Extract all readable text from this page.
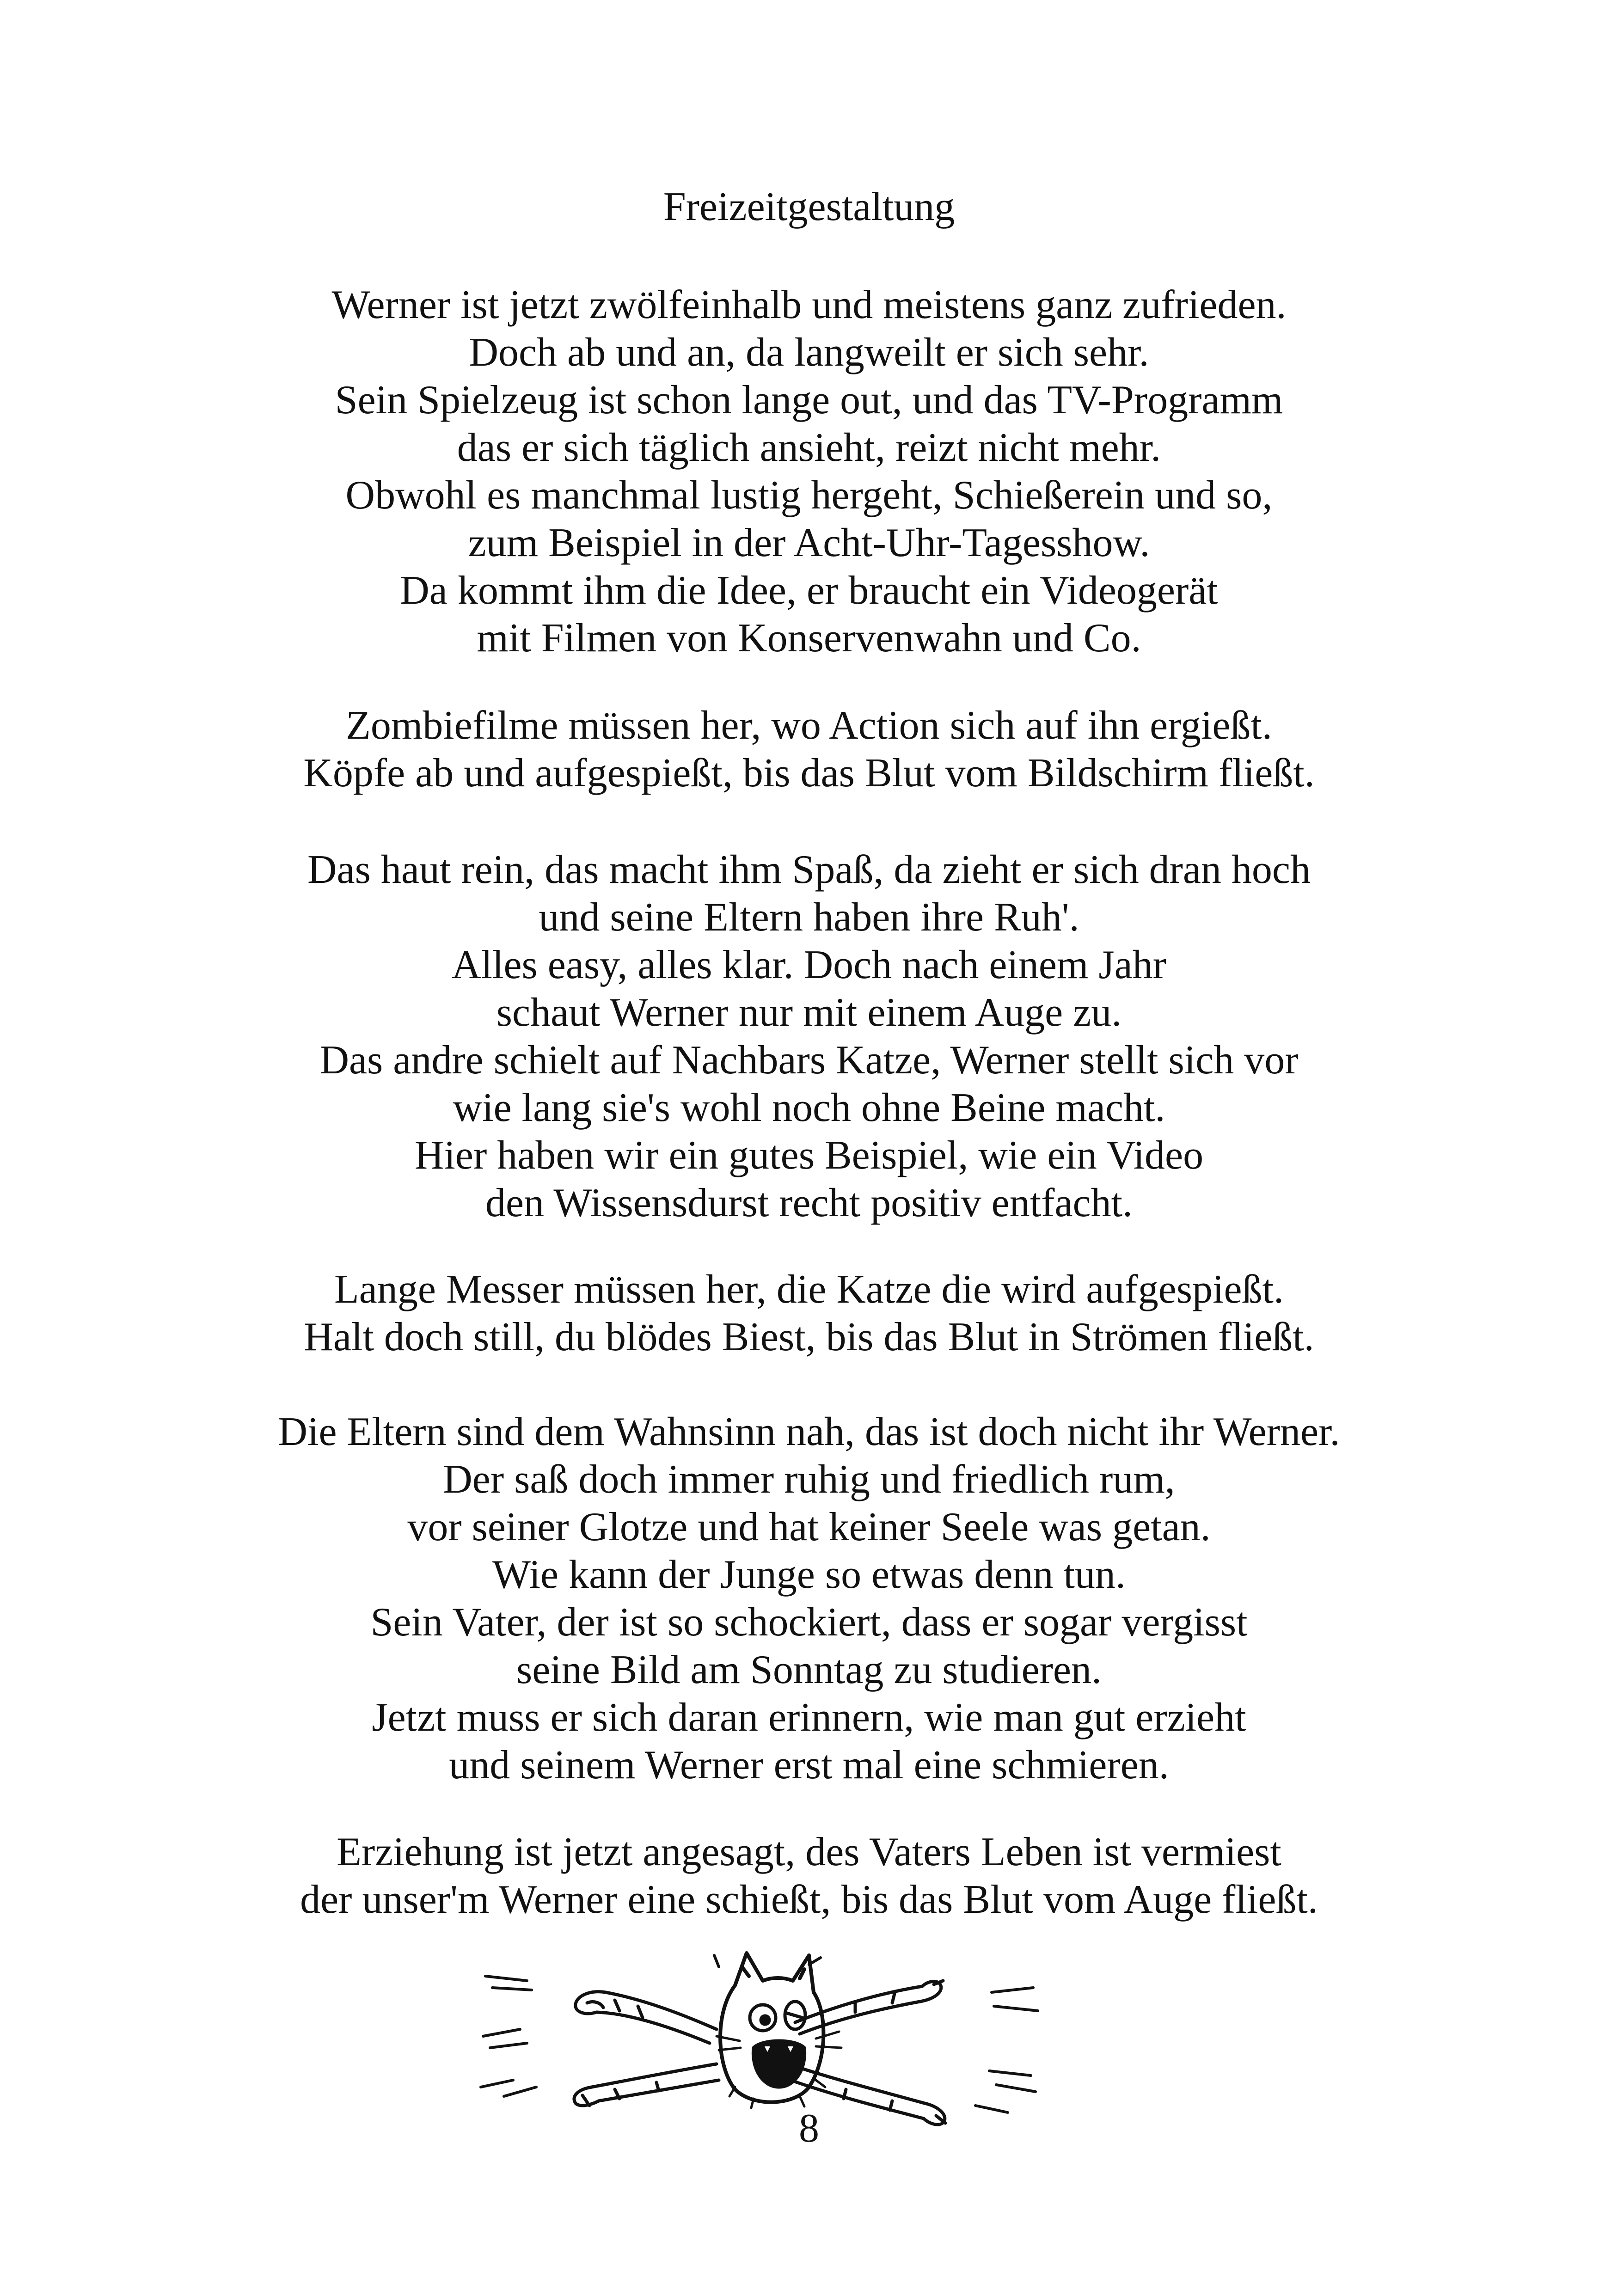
Freizeitgestaltung

Werner ist jetzt zwölfeinhalb und meistens ganz zufrieden.
Doch ab und an, da langweilt er sich sehr.
Sein Spielzeug ist schon lange out, und das TV-Programm
das er sich täglich ansieht, reizt nicht mehr.
Obwohl es manchmal lustig hergeht, Schießerein und so,
zum Beispiel in der Acht-Uhr-Tagesshow.
Da kommt ihm die Idee, er braucht ein Videogerät
mit Filmen von Konservenwahn und Co.

Zombiefilme müssen her, wo Action sich auf ihn ergießt.
Köpfe ab und aufgespießt, bis das Blut vom Bildschirm fließt.

Das haut rein, das macht ihm Spaß, da zieht er sich dran hoch
und seine Eltern haben ihre Ruh'.
Alles easy, alles klar. Doch nach einem Jahr
schaut Werner nur mit einem Auge zu.
Das andre schielt auf Nachbars Katze, Werner stellt sich vor
wie lang sie's wohl noch ohne Beine macht.
Hier haben wir ein gutes Beispiel, wie ein Video
den Wissensdurst recht positiv entfacht.

Lange Messer müssen her, die Katze die wird aufgespießt.
Halt doch still, du blödes Biest, bis das Blut in Strömen fließt.

Die Eltern sind dem Wahnsinn nah, das ist doch nicht ihr Werner.
Der saß doch immer ruhig und friedlich rum,
vor seiner Glotze und hat keiner Seele was getan.
Wie kann der Junge so etwas denn tun.
Sein Vater, der ist so schockiert, dass er sogar vergisst
seine Bild am Sonntag zu studieren.
Jetzt muss er sich daran erinnern, wie man gut erzieht
und seinem Werner erst mal eine schmieren.

Erziehung ist jetzt angesagt, des Vaters Leben ist vermiest
der unser'm Werner eine schießt, bis das Blut vom Auge fließt.

8
